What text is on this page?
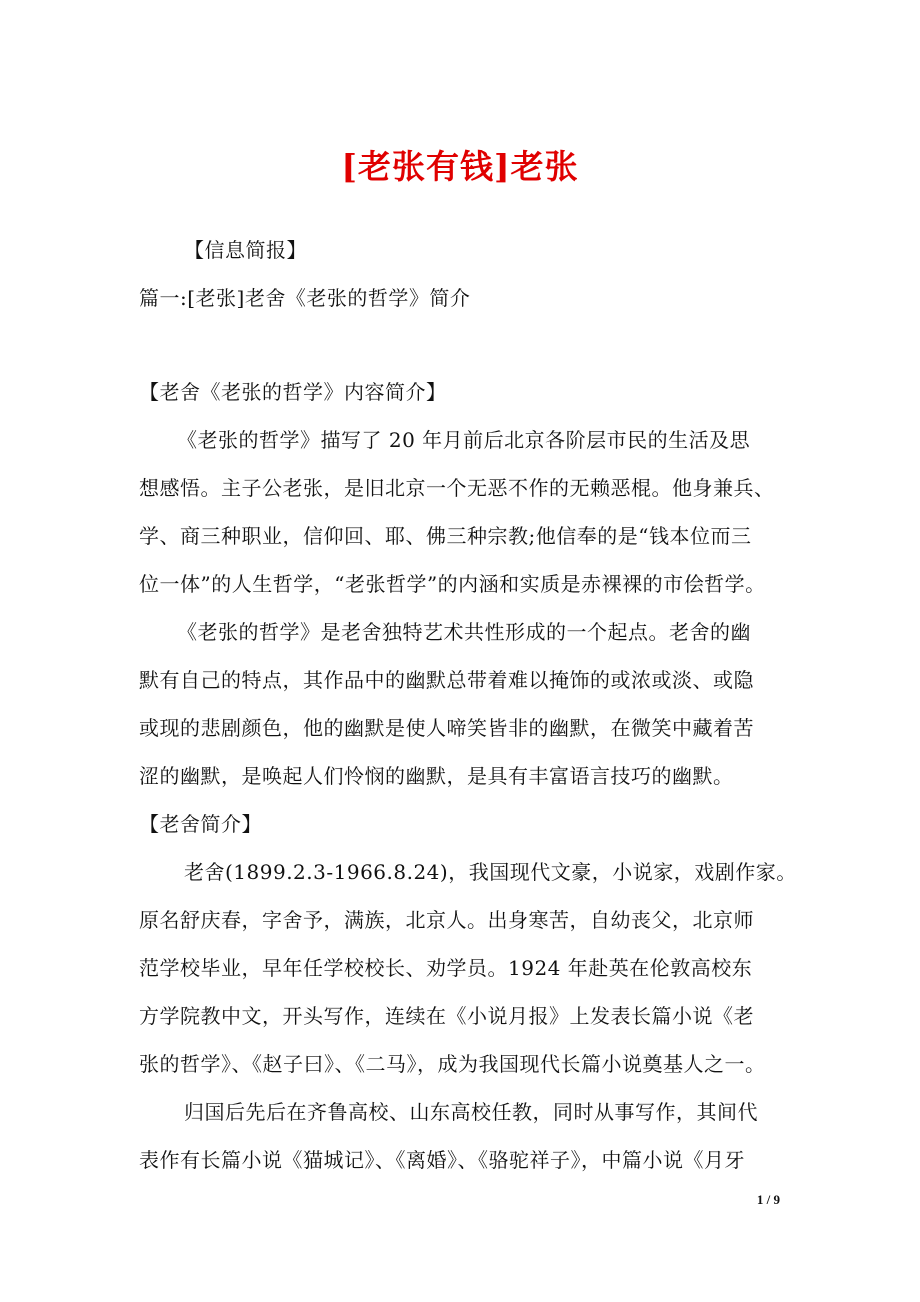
[老张有钱]老张
【信息简报】
篇一:[老张]老舍《老张的哲学》简介
【老舍《老张的哲学》内容简介】
《老张的哲学》描写了 20 年月前后北京各阶层市民的生活及思
想感悟。主子公老张，是旧北京一个无恶不作的无赖恶棍。他身兼兵、
学、商三种职业，信仰回、耶、佛三种宗教;他信奉的是“钱本位而三
位一体”的人生哲学，“老张哲学”的内涵和实质是赤裸裸的市侩哲学。
《老张的哲学》是老舍独特艺术共性形成的一个起点。老舍的幽
默有自己的特点，其作品中的幽默总带着难以掩饰的或浓或淡、或隐
或现的悲剧颜色，他的幽默是使人啼笑皆非的幽默，在微笑中藏着苦
涩的幽默，是唤起人们怜悯的幽默，是具有丰富语言技巧的幽默。
【老舍简介】
老舍(1899.2.3-1966.8.24)，我国现代文豪，小说家，戏剧作家。
原名舒庆春，字舍予，满族，北京人。出身寒苦，自幼丧父，北京师
范学校毕业，早年任学校校长、劝学员。1924 年赴英在伦敦高校东
方学院教中文，开头写作，连续在《小说月报》上发表长篇小说《老
张的哲学》、《赵子曰》、《二马》，成为我国现代长篇小说奠基人之一。
归国后先后在齐鲁高校、山东高校任教，同时从事写作，其间代
表作有长篇小说《猫城记》、《离婚》、《骆驼祥子》，中篇小说《月牙
1 / 9
